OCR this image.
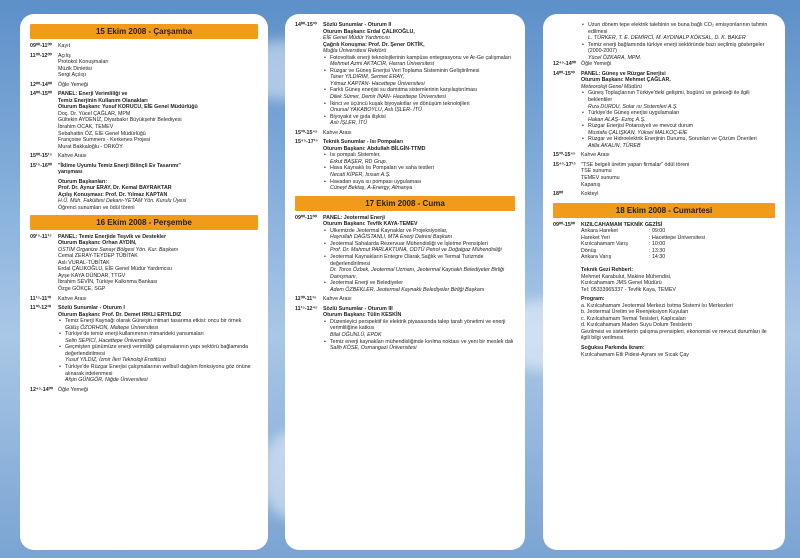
15 Ekim 2008 - Çarşamba
09⁰⁰-11⁰⁰	Kayıt
11⁰⁰-12⁰⁰	Açılış
Protokol Konuşmaları
Müzik Dinletisi
Sergi Açılışı
12⁰⁰-14⁰⁰	Öğle Yemeği
14⁰⁰-15⁰⁰	PANEL: Enerji Verimliliği ve
Temiz Enerjinin Kullanım Olanakları
Oturum Başkanı: Yusuf KORUCU, EİE Genel Müdürlüğü
Doç. Dr. Yücel ÇAĞLAR, MPM
Gültekin AYDENİZ, Diyarbakır Büyükşehir Belediyesi
İbrahim OCAK, TEMEV
Sebahattin ÖZ, EİE Genel Müdürlüğü
Françoise Summers - Kerkenes Projesi
Murat Bakkaloğlu - ORKÖY
15⁰⁰-15¹⁵	Kahve Arası
15¹⁵-16⁰⁰	"İklime Uyumlu Temiz Enerji Bilinçli Ev Tasarımı"
yarışması
Oturum Başkanları:
Prof. Dr. Aynur ERAY, Dr. Kemal BAYRAKTAR
Açılış Konuşması: Prof. Dr. Yılmaz KAPTAN
H.Ü. Müh. Fakültesi Dekanı-YETAM Yön. Kurulu Üyesi
Öğrenci sunumları ve ödül töreni
16 Ekim 2008 - Perşembe
09¹⁵-11¹⁵	PANEL: Temiz Enerjide Teşvik ve Destekler
Oturum Başkanı: Orhan AYDIN,
OSTİM Organize Sanayi Bölgesi Yön. Kur. Başkanı
Cemal ZERAY-TEYDEP TÜBİTAK
Aslı VURAL-TÜBİTAK
Erdal ÇALIKOĞLU, EİE Genel Müdür Yardımcısı
Ayşe KAYA DÜNDAR, TTGV
İbrahim SEVİN, Türkiye Kalkınma Bankası
Özge GÖKÇE, SGP
11¹⁵-11³⁰	Kahve Arası
11³⁰-12³⁰	Sözlü Sunumlar - Oturum I
Oturum Başkanı: Prof. Dr. Demet IRKLI ERYILDIZ
• Temiz Enerji Kaynağı olarak Güneşin mimari tasarıma etkisi: oncu bir örnek
Gülüş ÖZORHON, Maltepe Üniversitesi
• Türkiye'de temiz enerji kullanımının mimarideki yansımaları
Selin SEPİCİ, Hacettepe Üniversitesi
• Geçmişten günümüze enerji verimliliği çalışmalarının yapı sektörü bağlamında değerlendirilmesi
Yusuf YILDIZ, İzmir İleri Teknoloji Enstitüsü
• Türkiye'de Rüzgar Enerjisi çalışmalarının welbull dağılım fonksiyonu göz önüne alınarak irdelenmesi
Afşin GÜNGÖR, Niğde Üniversitesi
12⁴⁵-14⁰⁰ Öğle Yemeği
14⁰⁰-15³⁰	Sözlü Sunumlar - Oturum II
Oturum Başkanı: Erdal ÇALIKOĞLU,
EİE Genel Müdür Yardımcısı
Çağrılı Konuşma: Prof. Dr. Şener OKTİK,
Muğla Üniversitesi Rektörü
• Fotovoltaik enerji teknolojilerinin kampüse entegrasyonu ve Ar-Ge çalışmaları
Mehmet Azmi AKTACİR, Harran Üniversitesi
• Rüzgar ve Güneş Enerjisi Veri Toplama Sisteminin Geliştirilmesi
Taner YILDIRIM, Sermet ERAY,
Yılmaz KAPTAN- Hacettepe Üniversitesi
• Farklı Güneş enerjisi su damıtma sistemlerinin karşılaştırılması
Dilek Sümer, Demir İNAN- Hacettepe Üniversitesi
• İkinci ve üçüncü kuşak biyoyakıtlar ve dönüşüm teknolojileri
Onursal YAKABOYLU, Aslı İŞLER- İTÜ
• Biyoyakıt ve gıda ilişkisi
Aslı İŞLER, İTÜ
15³⁰-15⁴⁵	Kahve Arası
15⁴⁵-17¹⁵ Teknik Sunumlar - Isı Pompaları
Oturum Başkanı: Abdullah BİLGİN-TTMD
• Isı pompalı Sistemler,
Erkut BAŞER, RD Grup.
• Hava Kaynaklı Isı Pompaları ve saha testleri
Necati KİPER, Isısan A.Ş.
• Havadan suya ısı pompası uygulaması
Cüneyt Bektaş, A-Energy, Almanya
17 Ekim 2008 - Cuma
09⁰⁰-11⁰⁰	PANEL: Jeotermal Enerji
Oturum Başkanı: Tevfik KAYA-TEMEV
• Ulkemizde Jeotermal Kaynaklar ve Projeksiyonlar,
Hayrullah DAĞISTANLI, MTA Enerji Dairesi Başkanı
• Jeotermal Sahalarda Rezervuar Mühendisliği ve İşletme Prensipleri
Prof. Dr. Mahmut PARLAKTUNA, ODTÜ Petrol ve Doğalgaz Mühendisliği
• Jeotermal Kaynakların Entegre Olarak Sağlık ve Termal Turizmde değerlendirilmesi
Dr. Toros Özbek, Jeotermal Uzmanı, Jeotermal Kaynaklı Belediyeler Birliği Danışmanı,
• Jeotermal Enerji ve Belediyeler
Adem ÖZBEKLER, Jeotermal Kaynaklı Belediyeler Birliği Başkanı
11⁰⁰-11¹⁵	Kahve Arası
11¹⁵-12⁴⁵	Sözlü Sunumlar - Oturum III
Oturum Başkanı: Tülin KESKİN
• Düzenleyici perspektif ile elektrik piyasasında talep tarafı yönetimi ve enerji verimliliğine katkısı
Bilal OĞUNLÜ, EPDK
• Temiz enerji kaynakları mühendisliğinde kırılma noktası ve yeni bir meslek dalı
Salih KÖSE, Osmangazi Üniversitesi
• Uzun dönem tepe elektrik talebinin ve buna bağlı CO₂ emisyonlarının tahmin edilmesi
L. TÜRKER, T. E. DEMİRCİ, M. AYDINALP KÖKSAL, D. K. BAKER
• Temiz enerji bağlamında türkiye enerji sektöründe bazı seçilmiş göstergeler (2000-2007)
Yücel ÖZKARA, MPM.
12⁴⁵-14⁰⁰ Öğle Yemeği
14⁰⁰-15³⁰	PANEL: Güneş ve Rüzgar Enerjisi
Oturum Başkanı: Mehmet ÇAĞLAR,
Meteoroloji Genel Müdürü
• Güneş Toplaçlarının Türkiye'deki gelişimi, bugünü ve geleceği ile ilgili beklentiler
Rıza DURDU, Solar ısı Sistemleri A.Ş.
• Türkiye'de Güneş enerjisi uygulamaları
Hakan ALAŞ- Ezinç A.Ş.
• Rüzgar Enerjisi Potansiyeli ve mevcut durum
Mustafa ÇALIŞKAN, Yüksel MALKOÇ-EİE
• Rüzgar ve Hidroelektrik Enerjinin Durumu, Sorunları ve Çözüm Önerileri
Atilla AKALIN, TÜREB
15³⁰-15⁴⁵	Kahve Arası
15⁴⁵-17¹⁵ "TSE belgeli üretim yapan firmalar" ödül töreni
TSE sunumu
TEMEV sunumu
Kapanış
18⁰⁰	Kokteyl
18 Ekim 2008 - Cumartesi
09⁰⁰-15⁰⁰	KIZILCAHAMAM TEKNİK GEZİSİ
Ankara Hareket	: 09:00
Hareket Yeri	: Hacettepe Üniversitesi
Kızılcahamam Varış	: 10:00
Dönüş	: 13:30
Ankara Varış	: 14:30
Teknik Gezi Rehberi:
Mehmet Karabulut, Makine Mühendisi,
Kızılcahamam JMS Genel Müdürü
Tel: 05333965337 - Tevfik Kaya, TEMEV
Program:
a. Kızılcahamam Jeotermal Merkezi Isıtma Sistemi Isı Merkezleri
b. Jeotermal Üretim ve Reenjeksiyon Kuyuları
c. Kızılcahamam Termal Tesisleri, Kaplıcaları
d. Kızılcahamam Maden Suyu Dolum Tesislerin
Gezilmesi ve sistemlerin çalışma prensipleri, ekonomisi ve mevcut durumları ile ilgili bilgi verilmesi.
Soğuksu Parkında ikram:
Kızılcahamam Etli Pidesi-Ayranı ve Sıcak Çay
